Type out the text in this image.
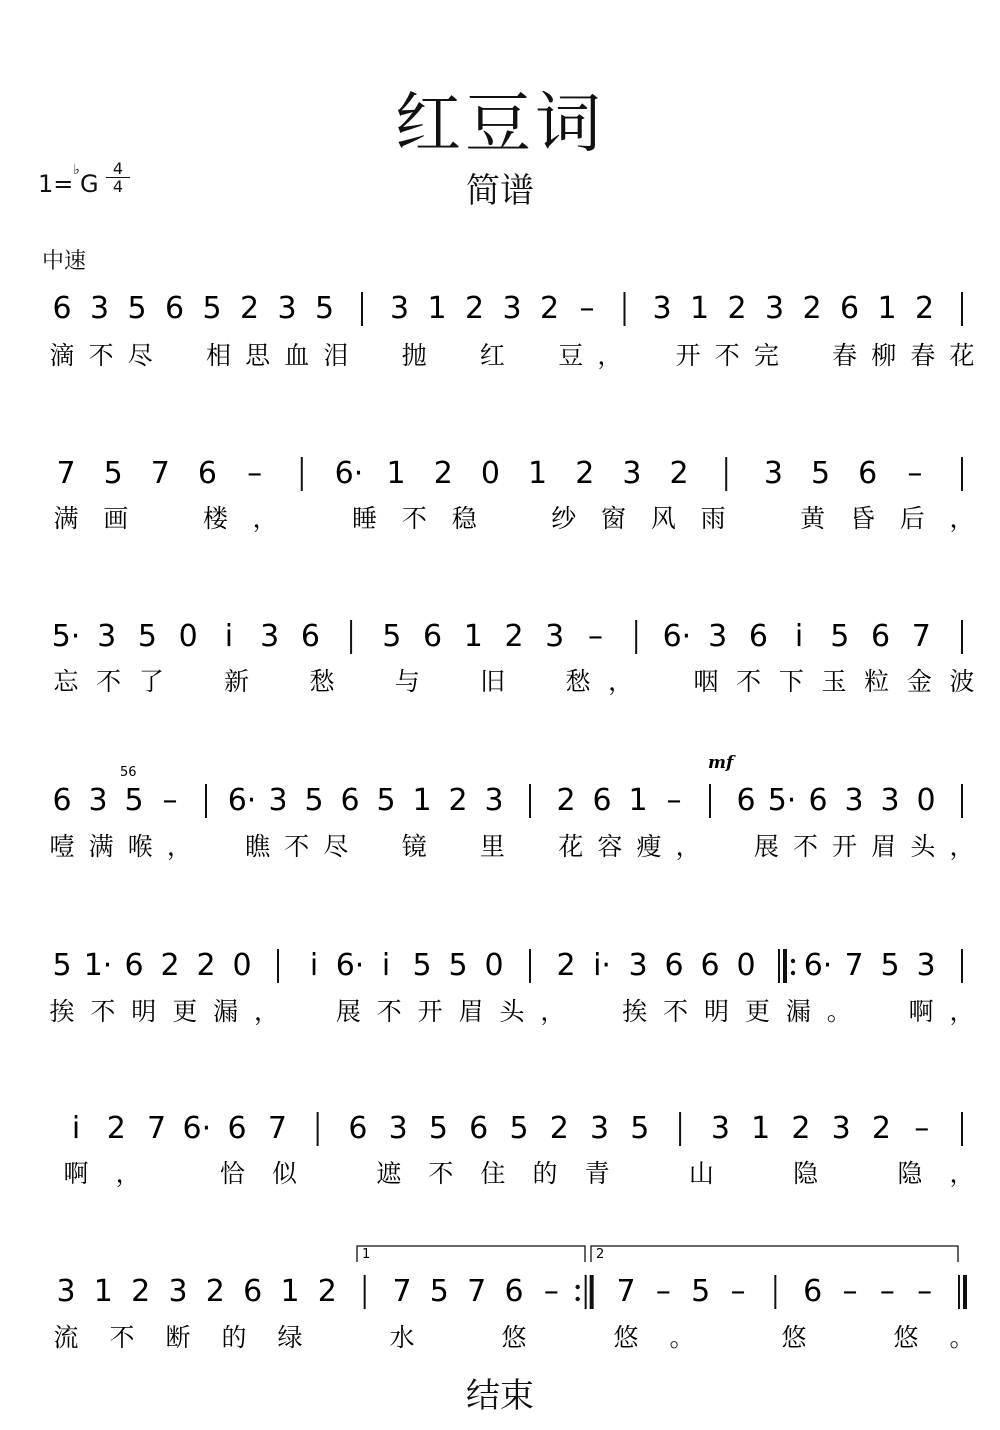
红豆词
简谱
1=♭G
4
4
中速
结束
6 3 5 6 5 2 3 5 3 1 2 3 2 – 3 1 2 3 2 6 1 2
滴 不 尽 相 思 血 泪 抛 红 豆 ， 开 不 完 春 柳 春 花
7 5 7 6 – 6· 1 2 0 1 2 3 2	3 5 6 –
满 画	楼 ，	睡 不 稳	纱 窗 风 雨	黄 昏 后 ，
5· 3 5 0 i 3 6 5 6 1 2 3 – 6· 3 6 i 5 6 7
忘 不 了 新 愁 与 旧 愁 ， 咽 不 下 玉 粒 金 波
6 3 5 – 6· 3 5 6 5 1 2 3 2 6 1 – 6 5· 6 3 3 0
噎 满 喉 ， 瞧 不 尽 镜 里 花 容 瘦 ， 展 不 开 眉 头 ，
5 1· 6 2 2 0 i 6· i 5 5 0 2 i· 3 6 6 0 6· 7 5 3
挨 不 明 更 漏 ， 展 不 开 眉 头 ， 挨 不 明 更 漏 。 啊 ，
i 2 7 6· 6 7 6 3 5 6 5 2 3 5 3 1 2 3 2 –
啊 ，	恰 似	遮 不 住 的 青	山	隐	隐 ，
3 1 2 3 2 6 1 2 7 5 7 6 – 7 – 5 – 6 – – –
流 不 断 的 绿	水	悠	悠 。	悠	悠 。
mf
56
1	2
